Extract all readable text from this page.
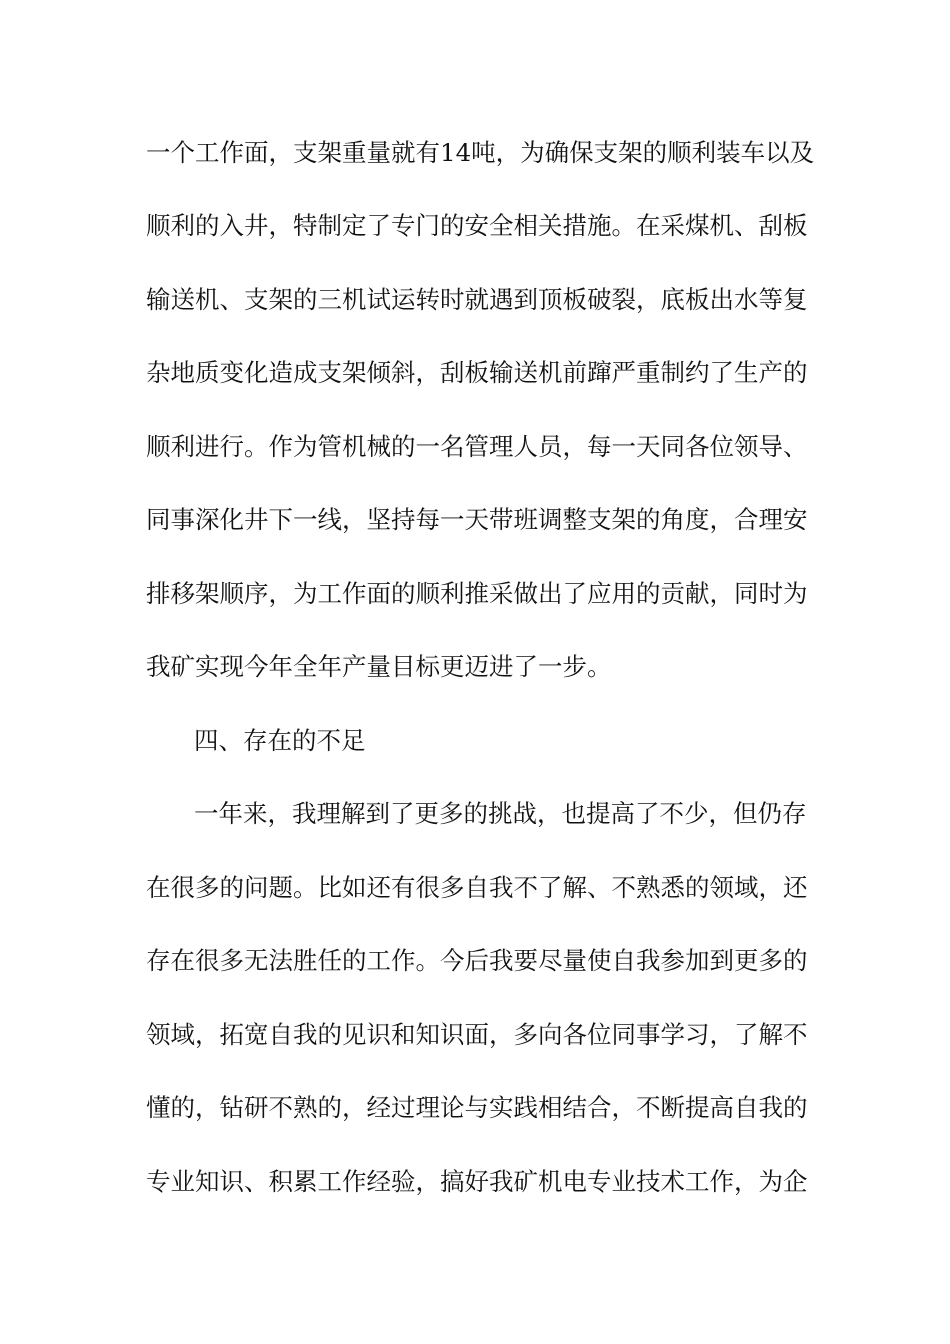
一个工作面，支架重量就有14吨，为确保支架的顺利装车以及
顺利的入井，特制定了专门的安全相关措施。在采煤机、刮板
输送机、支架的三机试运转时就遇到顶板破裂，底板出水等复
杂地质变化造成支架倾斜，刮板输送机前蹿严重制约了生产的
顺利进行。作为管机械的一名管理人员，每一天同各位领导、
同事深化井下一线，坚持每一天带班调整支架的角度，合理安
排移架顺序，为工作面的顺利推采做出了应用的贡献，同时为
我矿实现今年全年产量目标更迈进了一步。
四、存在的不足
一年来，我理解到了更多的挑战，也提高了不少，但仍存
在很多的问题。比如还有很多自我不了解、不熟悉的领域，还
存在很多无法胜任的工作。今后我要尽量使自我参加到更多的
领域，拓宽自我的见识和知识面，多向各位同事学习，了解不
懂的，钻研不熟的，经过理论与实践相结合，不断提高自我的
专业知识、积累工作经验，搞好我矿机电专业技术工作，为企
